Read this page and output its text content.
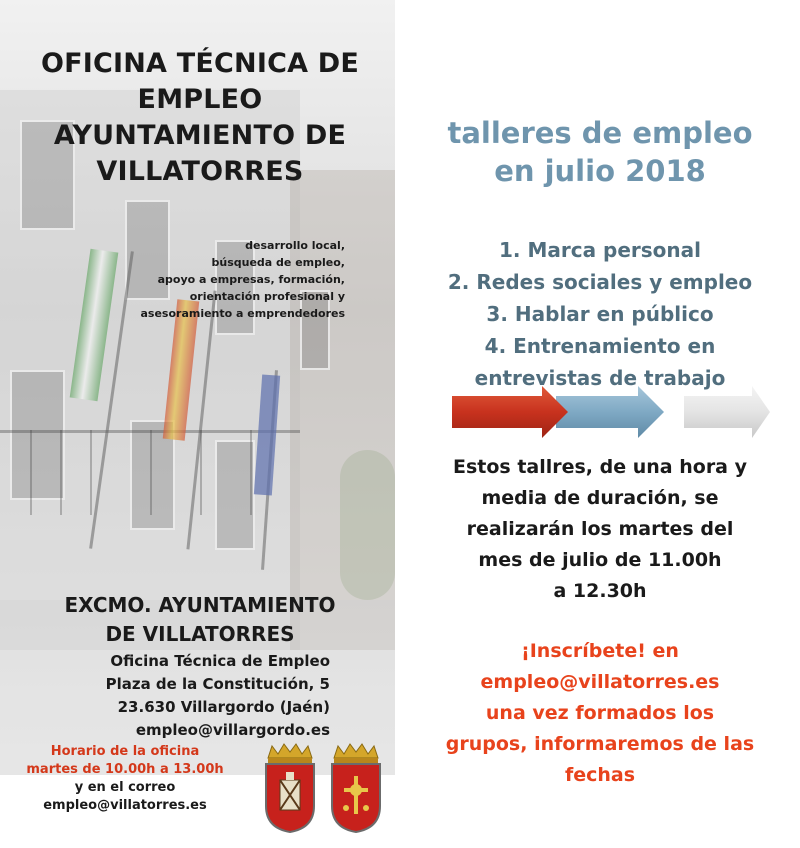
OFICINA TÉCNICA DE
EMPLEO
AYUNTAMIENTO DE
VILLATORRES
desarrollo local,
búsqueda de empleo,
apoyo a empresas, formación,
orientación profesional y
asesoramiento a emprendedores
EXCMO. AYUNTAMIENTO
DE VILLATORRES
Oficina Técnica de Empleo
Plaza de la Constitución, 5
23.630 Villargordo (Jaén)
empleo@villargordo.es
Horario de la oficina
martes de 10.00h a 13.00h
y en el correo
empleo@villatorres.es
talleres de empleo
en julio 2018
1. Marca personal
2. Redes sociales y empleo
3. Hablar en público
4. Entrenamiento en
entrevistas de trabajo
Estos tallres, de una hora y
media de duración, se
realizarán los martes del
mes de julio de 11.00h
a 12.30h
¡Inscríbete! en
empleo@villatorres.es
una vez formados los
grupos, informaremos de las
fechas
